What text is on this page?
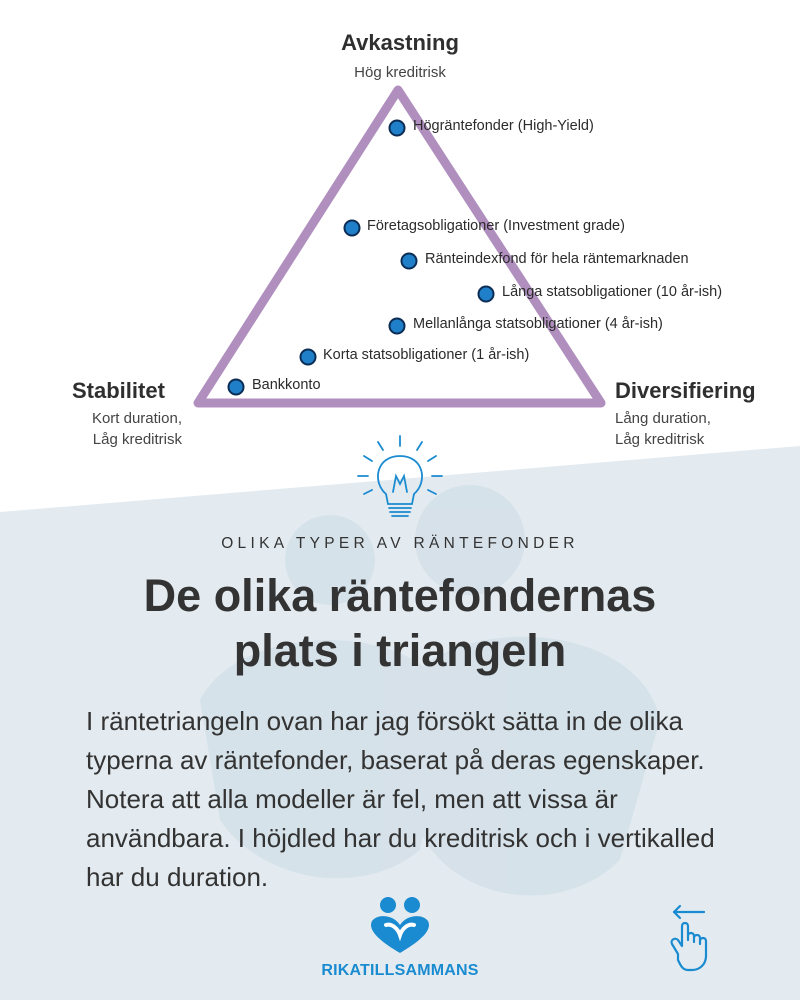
Avkastning
Hög kreditrisk
Stabilitet
Kort duration,
Låg kreditrisk
Diversifiering
Lång duration,
Låg kreditrisk
Högräntefonder (High-Yield)
Företagsobligationer (Investment grade)
Ränteindexfond för hela räntemarknaden
Långa statsobligationer (10 år-ish)
Mellanlånga statsobligationer (4 år-ish)
Korta statsobligationer (1 år-ish)
Bankkonto
OLIKA TYPER AV RÄNTEFONDER
De olika räntefondernas
plats i triangeln
I räntetriangeln ovan har jag försökt sätta in de olika typerna av räntefonder, baserat på deras egenskaper. Notera att alla modeller är fel, men att vissa är användbara. I höjdled har du kreditrisk och i vertikalled har du duration.
RIKATILLSAMMANS
